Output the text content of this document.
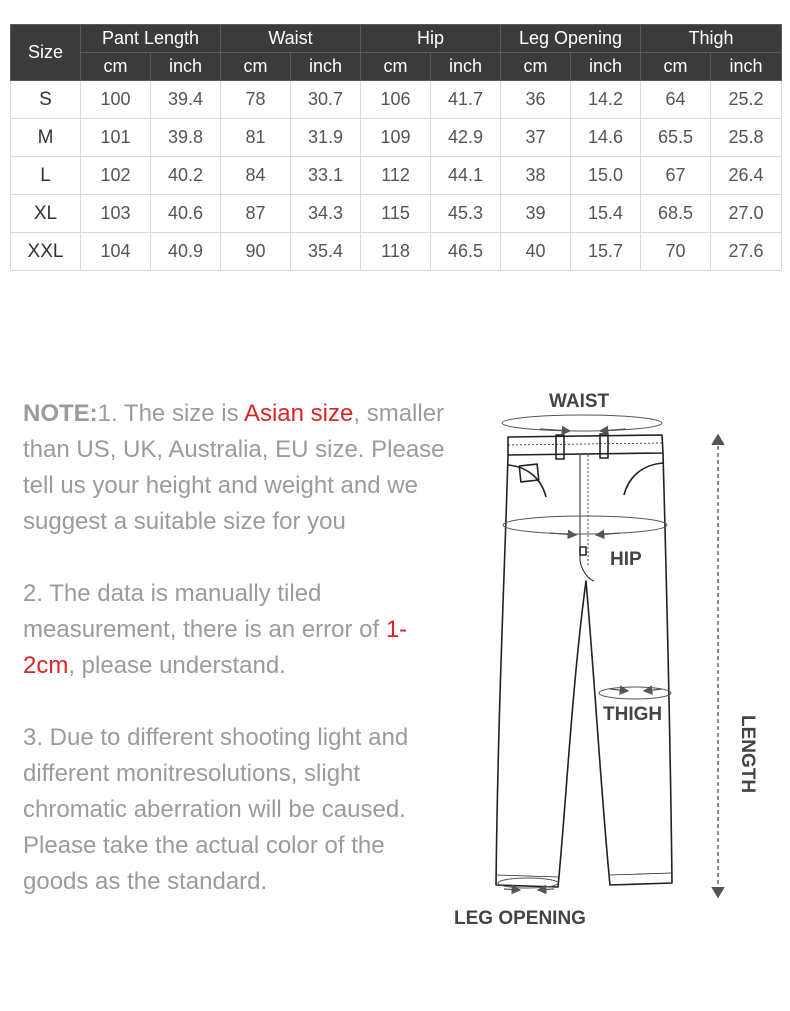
Size	Pant Length		Waist		Hip		Leg Opening		Thigh	
	cm	inch	cm	inch	cm	inch	cm	inch	cm	inch
S	100	39.4	78	30.7	106	41.7	36	14.2	64	25.2
M	101	39.8	81	31.9	109	42.9	37	14.6	65.5	25.8
L	102	40.2	84	33.1	112	44.1	38	15.0	67	26.4
XL	103	40.6	87	34.3	115	45.3	39	15.4	68.5	27.0
XXL	104	40.9	90	35.4	118	46.5	40	15.7	70	27.6

NOTE:1. The size is Asian size, smaller than US, UK, Australia, EU size. Please tell us your height and weight and we suggest a suitable size for you

2. The data is manually tiled measurement, there is an error of 1-2cm, please understand.

3. Due to different shooting light and different monitresolutions, slight chromatic aberration will be caused. Please take the actual color of the goods as the standard.

WAIST
HIP
THIGH
LENGTH
LEG OPENING
